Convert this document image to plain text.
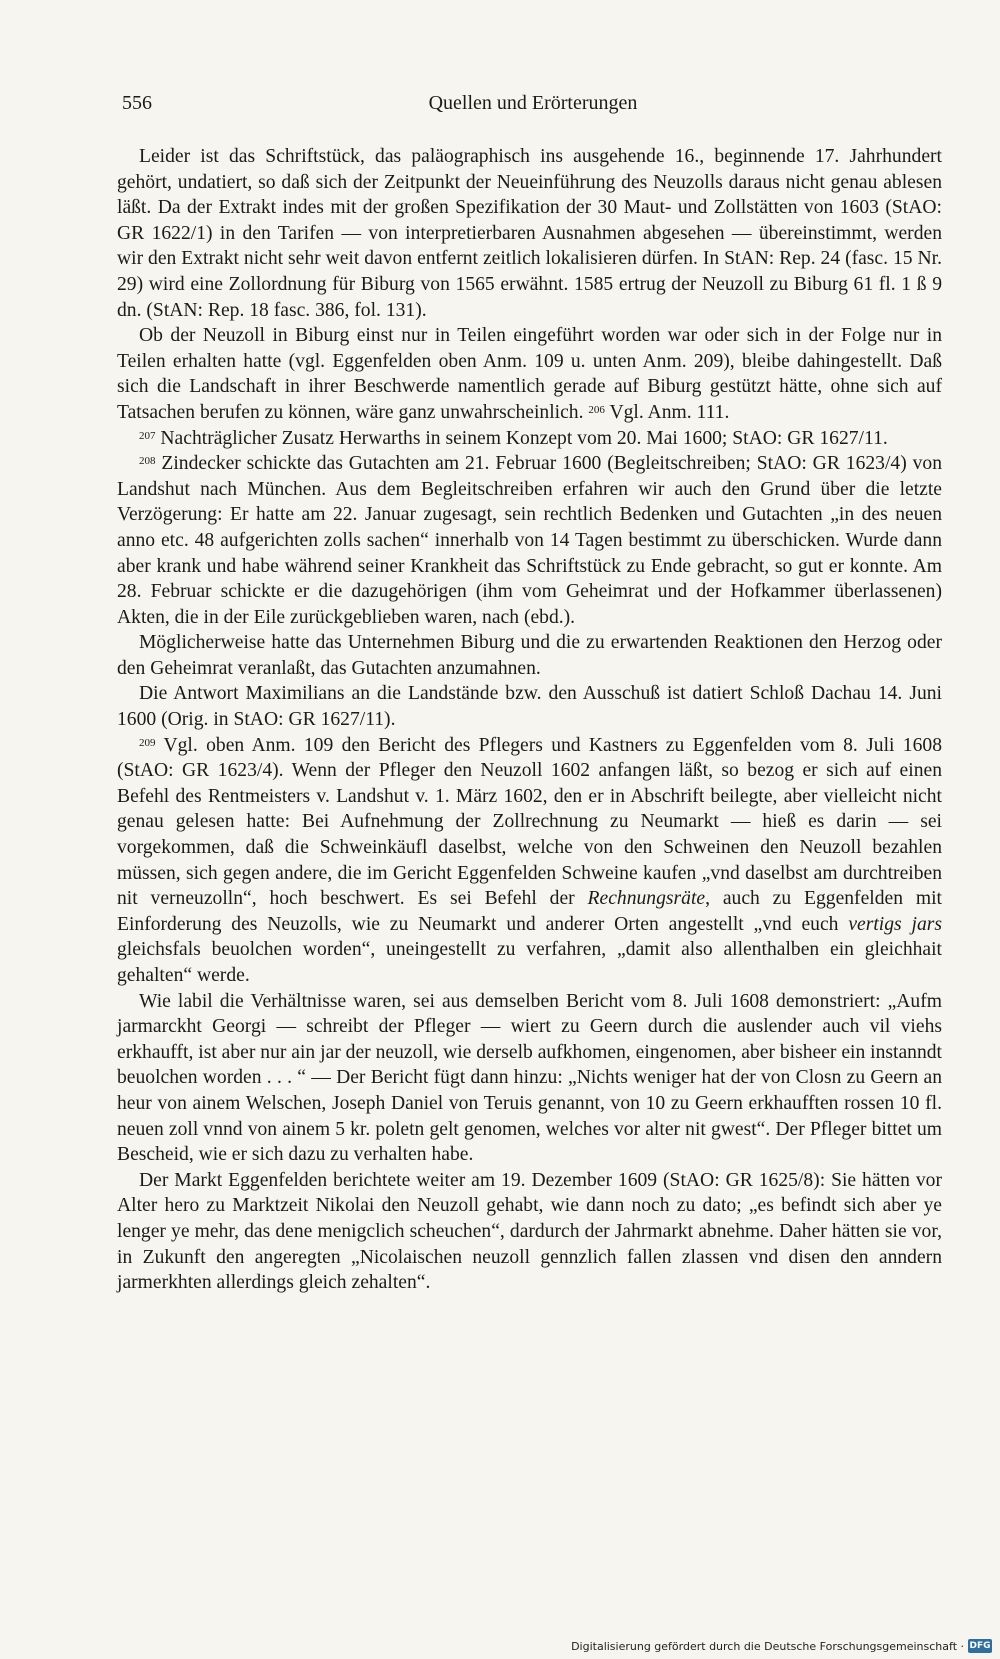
556	Quellen und Erörterungen

Leider ist das Schriftstück, das paläographisch ins ausgehende 16., beginnende 17. Jahrhundert gehört, undatiert, so daß sich der Zeitpunkt der Neueinführung des Neuzolls daraus nicht genau ablesen läßt. Da der Extrakt indes mit der großen Spezifikation der 30 Maut- und Zollstätten von 1603 (StAO: GR 1622/1) in den Tarifen — von interpretierbaren Ausnahmen abgesehen — übereinstimmt, werden wir den Extrakt nicht sehr weit davon entfernt zeitlich lokalisieren dürfen. In StAN: Rep. 24 (fasc. 15 Nr. 29) wird eine Zollordnung für Biburg von 1565 erwähnt. 1585 ertrug der Neuzoll zu Biburg 61 fl. 1 ß 9 dn. (StAN: Rep. 18 fasc. 386, fol. 131).

Ob der Neuzoll in Biburg einst nur in Teilen eingeführt worden war oder sich in der Folge nur in Teilen erhalten hatte (vgl. Eggenfelden oben Anm. 109 u. unten Anm. 209), bleibe dahingestellt. Daß sich die Landschaft in ihrer Beschwerde namentlich gerade auf Biburg gestützt hätte, ohne sich auf Tatsachen berufen zu können, wäre ganz unwahrscheinlich. $^{206}$ Vgl. Anm. 111.

$^{207}$ Nachträglicher Zusatz Herwarths in seinem Konzept vom 20. Mai 1600; StAO: GR 1627/11.

$^{208}$ Zindecker schickte das Gutachten am 21. Februar 1600 (Begleitschreiben; StAO: GR 1623/4) von Landshut nach München. Aus dem Begleitschreiben erfahren wir auch den Grund über die letzte Verzögerung: Er hatte am 22. Januar zugesagt, sein rechtlich Bedenken und Gutachten „in des neuen anno etc. 48 aufgerichten zolls sachen“ innerhalb von 14 Tagen bestimmt zu überschicken. Wurde dann aber krank und habe während seiner Krankheit das Schriftstück zu Ende gebracht, so gut er konnte. Am 28. Februar schickte er die dazugehörigen (ihm vom Geheimrat und der Hofkammer überlassenen) Akten, die in der Eile zurückgeblieben waren, nach (ebd.).

Möglicherweise hatte das Unternehmen Biburg und die zu erwartenden Reaktionen den Herzog oder den Geheimrat veranlaßt, das Gutachten anzumahnen.

Die Antwort Maximilians an die Landstände bzw. den Ausschuß ist datiert Schloß Dachau 14. Juni 1600 (Orig. in StAO: GR 1627/11).

$^{209}$ Vgl. oben Anm. 109 den Bericht des Pflegers und Kastners zu Eggenfelden vom 8. Juli 1608 (StAO: GR 1623/4). Wenn der Pfleger den Neuzoll 1602 anfangen läßt, so bezog er sich auf einen Befehl des Rentmeisters v. Landshut v. 1. März 1602, den er in Abschrift beilegte, aber vielleicht nicht genau gelesen hatte: Bei Aufnehmung der Zollrechnung zu Neumarkt — hieß es darin — sei vorgekommen, daß die Schweinkäufl daselbst, welche von den Schweinen den Neuzoll bezahlen müssen, sich gegen andere, die im Gericht Eggenfelden Schweine kaufen „vnd daselbst am durchtreiben nit verneuzolln“, hoch beschwert. Es sei Befehl der Rechnungsräte, auch zu Eggenfelden mit Einforderung des Neuzolls, wie zu Neumarkt und anderer Orten angestellt „vnd euch vertigs jars gleichsfals beuolchen worden“, uneingestellt zu verfahren, „damit also allenthalben ein gleichhait gehalten“ werde.

Wie labil die Verhältnisse waren, sei aus demselben Bericht vom 8. Juli 1608 demonstriert: „Aufm jarmarckht Georgi — schreibt der Pfleger — wiert zu Geern durch die auslender auch vil viehs erkhaufft, ist aber nur ain jar der neuzoll, wie derselb aufkhomen, eingenomen, aber bisheer ein instanndt beuolchen worden . . . “ — Der Bericht fügt dann hinzu: „Nichts weniger hat der von Closn zu Geern an heur von ainem Welschen, Joseph Daniel von Teruis genannt, von 10 zu Geern erkhaufften rossen 10 fl. neuen zoll vnnd von ainem 5 kr. poletn gelt genomen, welches vor alter nit gwest“. Der Pfleger bittet um Bescheid, wie er sich dazu zu verhalten habe.

Der Markt Eggenfelden berichtete weiter am 19. Dezember 1609 (StAO: GR 1625/8): Sie hätten vor Alter hero zu Marktzeit Nikolai den Neuzoll gehabt, wie dann noch zu dato; „es befindt sich aber ye lenger ye mehr, das dene menigclich scheuchen“, dardurch der Jahrmarkt abnehme. Daher hätten sie vor, in Zukunft den angeregten „Nicolaischen neuzoll gennzlich fallen zlassen vnd disen den anndern jarmerkhten allerdings gleich zehalten“.

Digitalisierung gefördert durch die Deutsche Forschungsgemeinschaft · DFG
